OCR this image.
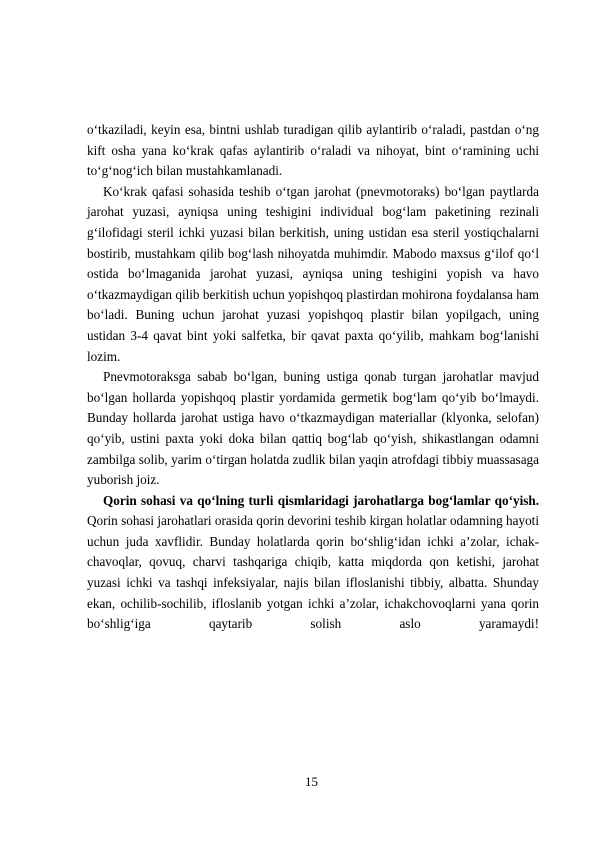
o‘tkaziladi, keyin esa, bintni ushlab turadigan qilib aylantirib o‘raladi, pastdan o‘ng kift osha yana ko‘krak qafas aylantirib o‘raladi va nihoyat, bint o‘ramining uchi to‘g‘nog‘ich bilan mustahkamlanadi.

Ko‘krak qafasi sohasida teshib o‘tgan jarohat (pnevmotoraks) bo‘lgan paytlarda jarohat yuzasi, ayniqsa uning teshigini individual bog‘lam paketining rezinali g‘ilofidagi steril ichki yuzasi bilan berkitish, uning ustidan esa steril yostiqchalarni bostirib, mustahkam qilib bog‘lash nihoyatda muhimdir. Mabodo maxsus g‘ilof qo‘l ostida bo‘lmaganida jarohat yuzasi, ayniqsa uning teshigini yopish va havo o‘tkazmaydigan qilib berkitish uchun yopishqoq plastirdan mohirona foydalansa ham bo‘ladi. Buning uchun jarohat yuzasi yopishqoq plastir bilan yopilgach, uning ustidan 3-4 qavat bint yoki salfetka, bir qavat paxta qo‘yilib, mahkam bog‘lanishi lozim.

Pnevmotoraksga sabab bo‘lgan, buning ustiga qonab turgan jarohatlar mavjud bo‘lgan hollarda yopishqoq plastir yordamida germetik bog‘lam qo‘yib bo‘lmaydi. Bunday hollarda jarohat ustiga havo o‘tkazmaydigan materiallar (klyonka, selofan) qo‘yib, ustini paxta yoki doka bilan qattiq bog‘lab qo‘yish, shikastlangan odamni zambilga solib, yarim o‘tirgan holatda zudlik bilan yaqin atrofdagi tibbiy muassasaga yuborish joiz.

Qorin sohasi va qo‘lning turli qismlaridagi jarohatlarga bog‘lamlar qo‘yish. Qorin sohasi jarohatlari orasida qorin devorini teshib kirgan holatlar odamning hayoti uchun juda xavflidir. Bunday holatlarda qorin bo‘shlig‘idan ichki a’zolar, ichak-chavoqlar, qovuq, charvi tashqariga chiqib, katta miqdorda qon ketishi, jarohat yuzasi ichki va tashqi infeksiyalar, najis bilan ifloslanishi tibbiy, albatta. Shunday ekan, ochilib-sochilib, ifloslanib yotgan ichki a’zolar, ichakchovoqlarni yana qorin bo‘shlig‘iga qaytarib solish aslo yaramaydi!

15
